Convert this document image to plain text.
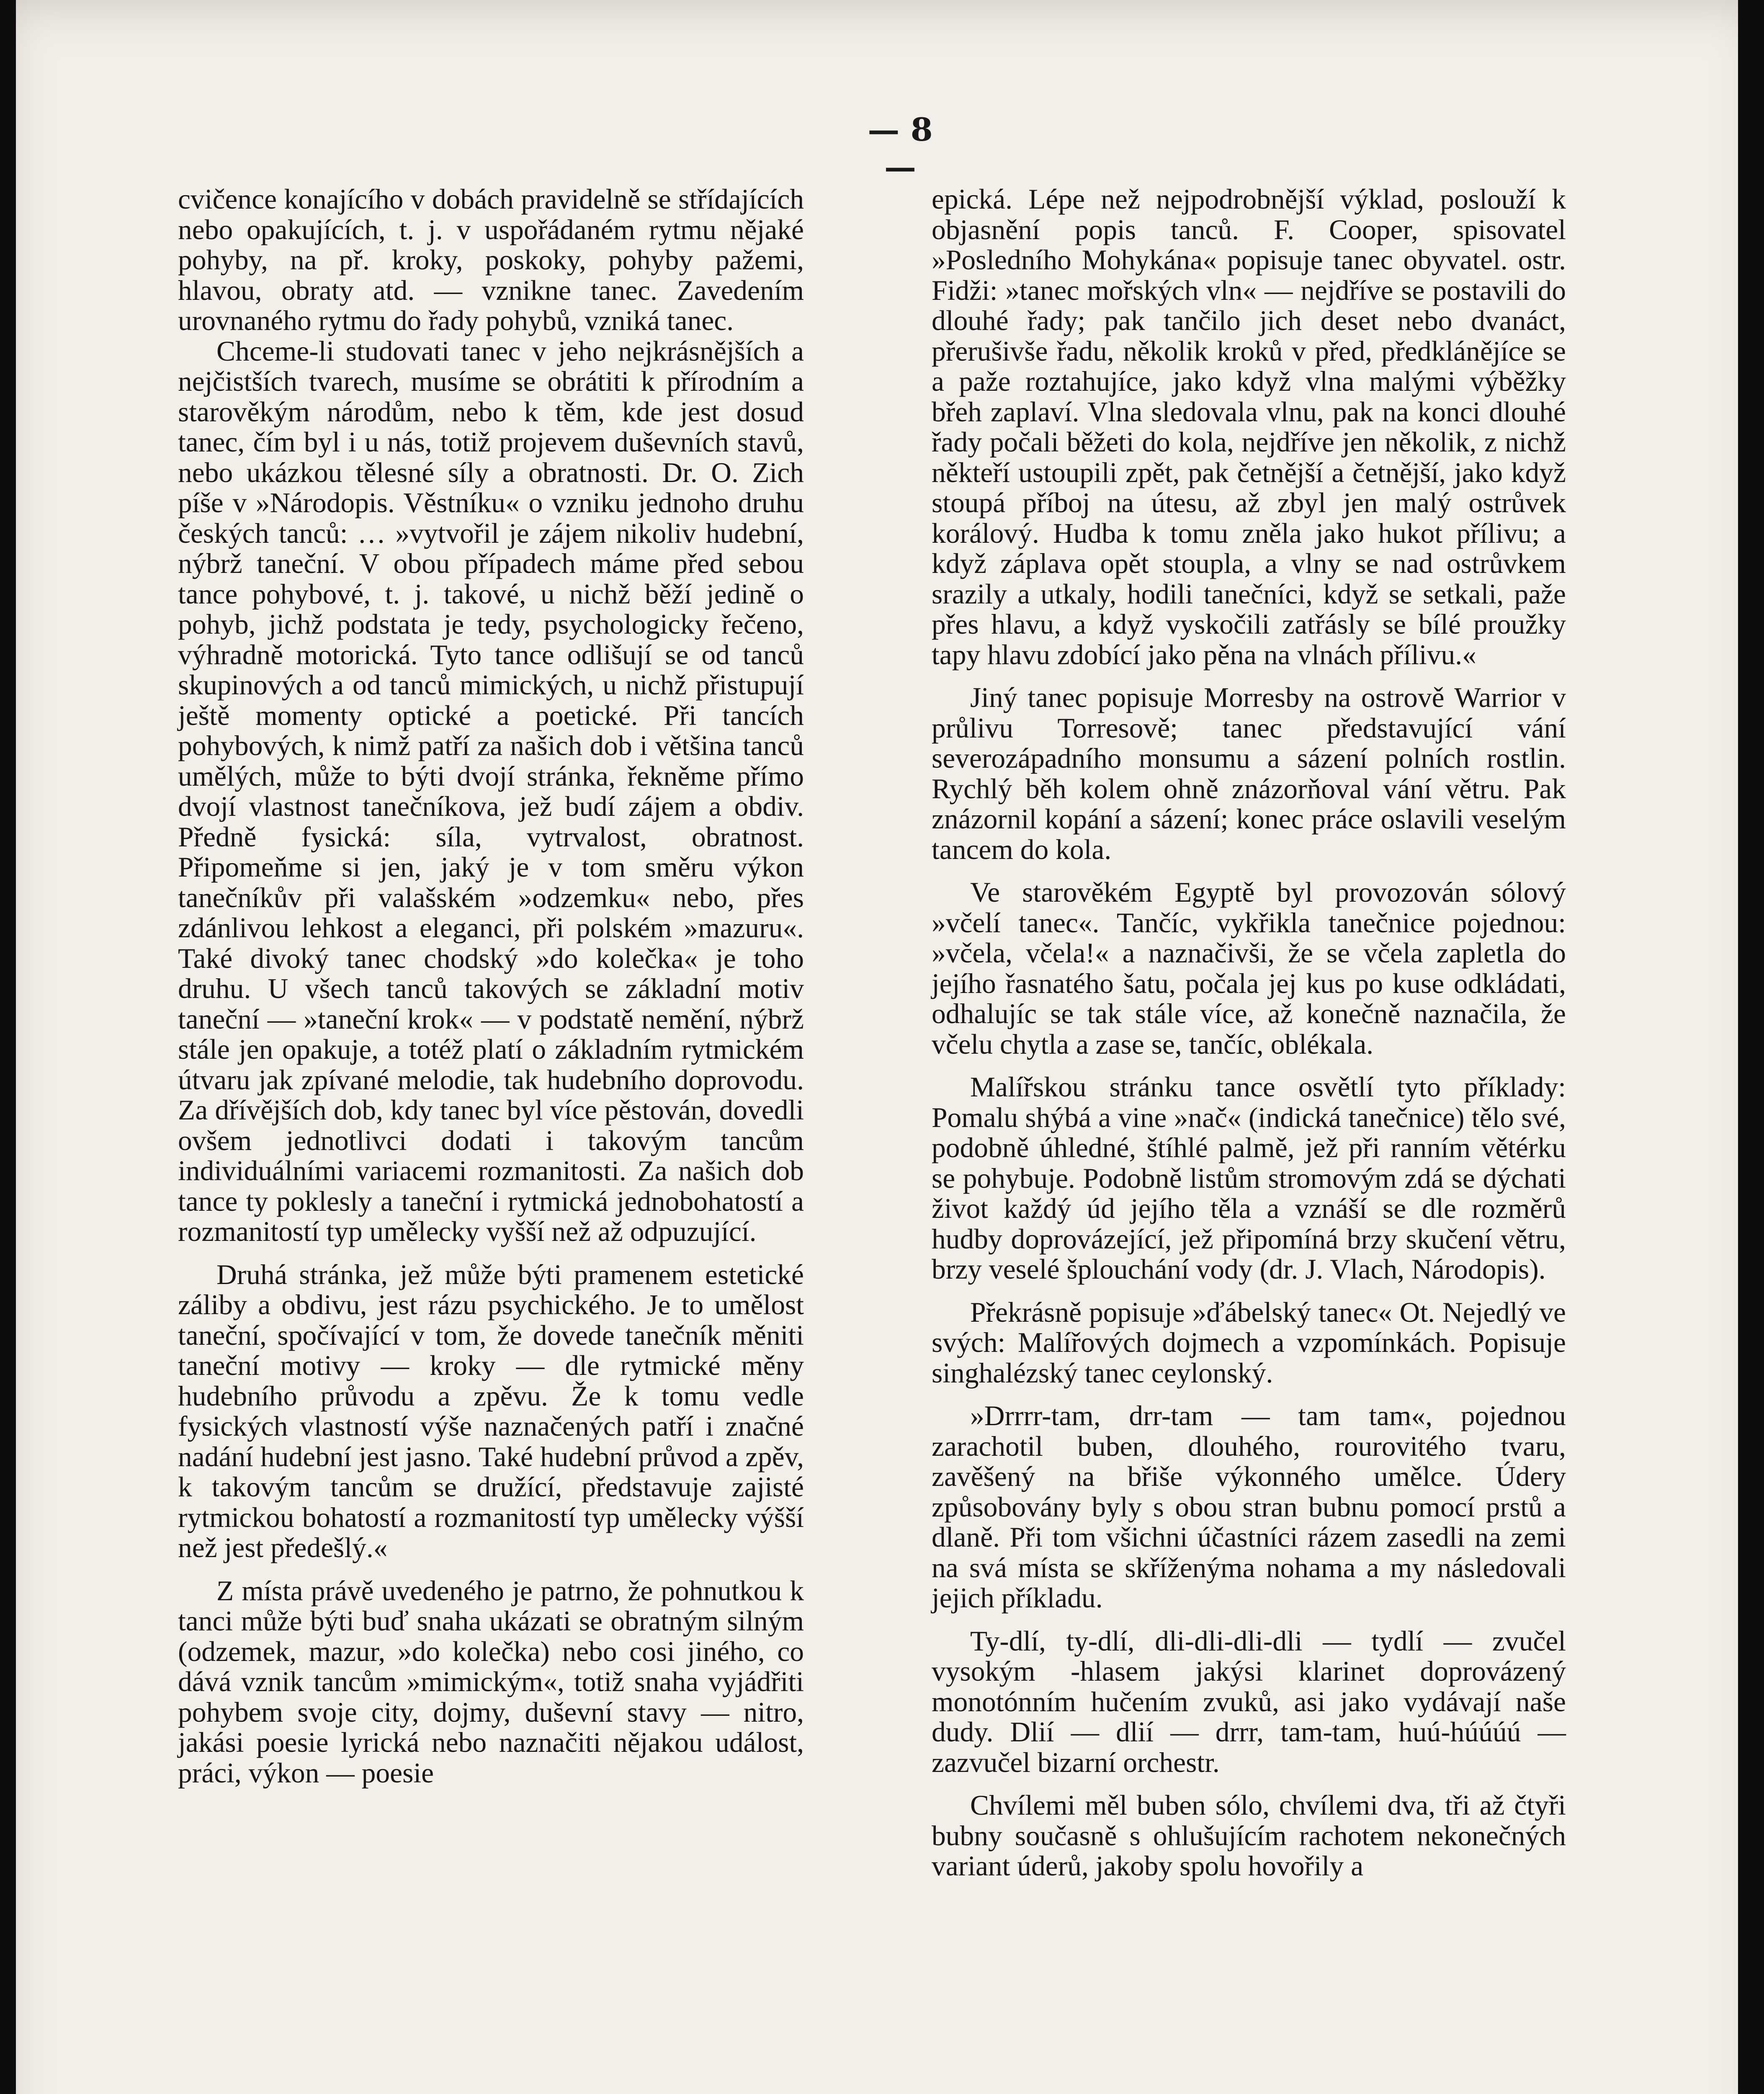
— 8 —

cvičence konajícího v dobách pravidelně se střídajících nebo opakujících, t. j. v uspořádaném rytmu nějaké pohyby, na př. kroky, poskoky, pohyby pažemi, hlavou, obraty atd. — vznikne tanec. Zavedením urovnaného rytmu do řady pohybů, vzniká tanec.

Chceme-li studovati tanec v jeho nejkrásnějších a nejčistších tvarech, musíme se obrátiti k přírodním a starověkým národům, nebo k těm, kde jest dosud tanec, čím byl i u nás, totiž projevem duševních stavů, nebo ukázkou tělesné síly a obratnosti. Dr. O. Zich píše v »Národopis. Věstníku« o vzniku jednoho druhu českých tanců: … »vytvořil je zájem nikoliv hudební, nýbrž taneční. V obou případech máme před sebou tance pohybové, t. j. takové, u nichž běží jedině o pohyb, jichž podstata je tedy, psychologicky řečeno, výhradně motorická. Tyto tance odlišují se od tanců skupinových a od tanců mimických, u nichž přistupují ještě momenty optické a poetické. Při tancích pohybových, k nimž patří za našich dob i většina tanců umělých, může to býti dvojí stránka, řekněme přímo dvojí vlastnost tanečníkova, jež budí zájem a obdiv. Předně fysická: síla, vytrvalost, obratnost. Připomeňme si jen, jaký je v tom směru výkon tanečníkův při valašském »odzemku« nebo, přes zdánlivou lehkost a eleganci, při polském »mazuru«. Také divoký tanec chodský »do kolečka« je toho druhu. U všech tanců takových se základní motiv taneční — »taneční krok« — v podstatě nemění, nýbrž stále jen opakuje, a totéž platí o základním rytmickém útvaru jak zpívané melodie, tak hudebního doprovodu. Za dřívějších dob, kdy tanec byl více pěstován, dovedli ovšem jednotlivci dodati i takovým tancům individuálními variacemi rozmanitosti. Za našich dob tance ty poklesly a taneční i rytmická jednobohatostí a rozmanitostí typ umělecky vyšší než až odpuzující.

Druhá stránka, jež může býti pramenem estetické záliby a obdivu, jest rázu psychického. Je to umělost taneční, spočívající v tom, že dovede tanečník měniti taneční motivy — kroky — dle rytmické měny hudebního průvodu a zpěvu. Že k tomu vedle fysických vlastností výše naznačených patří i značné nadání hudební jest jasno. Také hudební průvod a zpěv, k takovým tancům se družící, představuje zajisté rytmickou bohatostí a rozmanitostí typ umělecky výšší než jest předešlý.«

Z místa právě uvedeného je patrno, že pohnutkou k tanci může býti buď snaha ukázati se obratným silným (odzemek, mazur, »do kolečka) nebo cosi jiného, co dává vznik tancům »mimickým«, totiž snaha vyjádřiti pohybem svoje city, dojmy, duševní stavy — nitro, jakási poesie lyrická nebo naznačiti nějakou událost, práci, výkon — poesie

epická. Lépe než nejpodrobnější výklad, poslouží k objasnění popis tanců. F. Cooper, spisovatel »Posledního Mohykána« popisuje tanec obyvatel. ostr. Fidži: »tanec mořských vln« — nejdříve se postavili do dlouhé řady; pak tančilo jich deset nebo dvanáct, přerušivše řadu, několik kroků v před, předklánějíce se a paže roztahujíce, jako když vlna malými výběžky břeh zaplaví. Vlna sledovala vlnu, pak na konci dlouhé řady počali běžeti do kola, nejdříve jen několik, z nichž někteří ustoupili zpět, pak četnější a četnější, jako když stoupá příboj na útesu, až zbyl jen malý ostrůvek korálový. Hudba k tomu zněla jako hukot přílivu; a když záplava opět stoupla, a vlny se nad ostrůvkem srazily a utkaly, hodili tanečníci, když se setkali, paže přes hlavu, a když vyskočili zatřásly se bílé proužky tapy hlavu zdobící jako pěna na vlnách přílivu.«

Jiný tanec popisuje Morresby na ostrově Warrior v průlivu Torresově; tanec představující vání severozápadního monsumu a sázení polních rostlin. Rychlý běh kolem ohně znázorňoval vání větru. Pak znázornil kopání a sázení; konec práce oslavili veselým tancem do kola.

Ve starověkém Egyptě byl provozován sólový »včelí tanec«. Tančíc, vykřikla tanečnice pojednou: »včela, včela!« a naznačivši, že se včela zapletla do jejího řasnatého šatu, počala jej kus po kuse odkládati, odhalujíc se tak stále více, až konečně naznačila, že včelu chytla a zase se, tančíc, oblékala.

Malířskou stránku tance osvětlí tyto příklady: Pomalu shýbá a vine »nač« (indická tanečnice) tělo své, podobně úhledné, štíhlé palmě, jež při ranním větérku se pohybuje. Podobně listům stromovým zdá se dýchati život každý úd jejího těla a vznáší se dle rozměrů hudby doprovázející, jež připomíná brzy skučení větru, brzy veselé šplouchání vody (dr. J. Vlach, Národopis).

Překrásně popisuje »ďábelský tanec« Ot. Nejedlý ve svých: Malířových dojmech a vzpomínkách. Popisuje singhalézský tanec ceylonský.

»Drrrr-tam, drr-tam — tam tam«, pojednou zarachotil buben, dlouhého, rourovitého tvaru, zavěšený na břiše výkonného umělce. Údery způsobovány byly s obou stran bubnu pomocí prstů a dlaně. Při tom všichni účastníci rázem zasedli na zemi na svá místa se skříženýma nohama a my následovali jejich příkladu.

Ty-dlí, ty-dlí, dli-dli-dli-dli — tydlí — zvučel vysokým -hlasem jakýsi klarinet doprovázený monotónním hučením zvuků, asi jako vydávají naše dudy. Dlií — dlií — drrr, tam-tam, huú-húúúú — zazvučel bizarní orchestr.

Chvílemi měl buben sólo, chvílemi dva, tři až čtyři bubny současně s ohlušujícím rachotem nekonečných variant úderů, jakoby spolu hovořily a
